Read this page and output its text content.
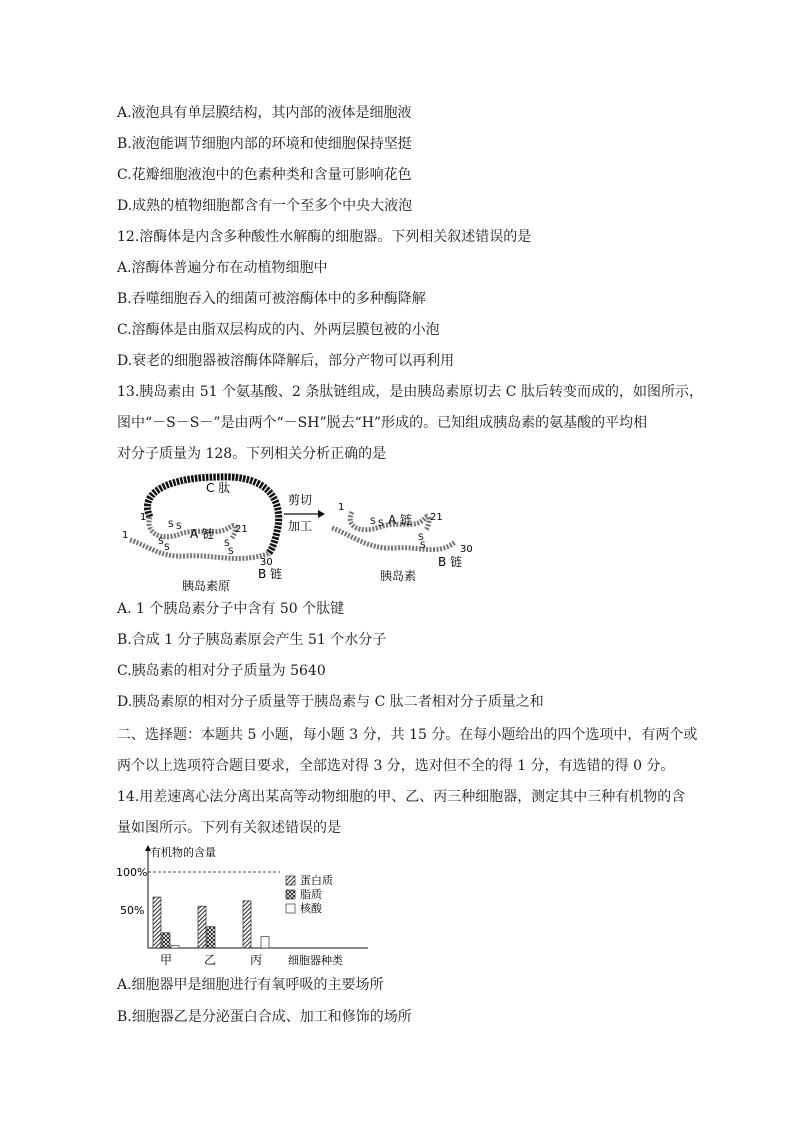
A.液泡具有单层膜结构，其内部的液体是细胞液
B.液泡能调节细胞内部的环境和使细胞保持坚挺
C.花瓣细胞液泡中的色素种类和含量可影响花色
D.成熟的植物细胞都含有一个至多个中央大液泡
12.溶酶体是内含多种酸性水解酶的细胞器。下列相关叙述错误的是
A.溶酶体普遍分布在动植物细胞中
B.吞噬细胞吞入的细菌可被溶酶体中的多种酶降解
C.溶酶体是由脂双层构成的内、外两层膜包被的小泡
D.衰老的细胞器被溶酶体降解后，部分产物可以再利用
13.胰岛素由 51 个氨基酸、2 条肽链组成，是由胰岛素原切去 C 肽后转变而成的，如图所示，
图中“－S－S－”是由两个“－SH”脱去“H”形成的。已知组成胰岛素的氨基酸的平均相
对分子质量为 128。下列相关分析正确的是
C 肽
1
1
S S
S
S	S
S
A 链 21
30
B 链
胰岛素原
剪切
加工
1
S S A 链 21
S
S	30
B 链
胰岛素
A. 1 个胰岛素分子中含有 50 个肽键
B.合成 1 分子胰岛素原会产生 51 个水分子
C.胰岛素的相对分子质量为 5640
D.胰岛素原的相对分子质量等于胰岛素与 C 肽二者相对分子质量之和
二、选择题：本题共 5 小题，每小题 3 分，共 15 分。在每小题给出的四个选项中，有两个或
两个以上选项符合题目要求，全部选对得 3 分，选对但不全的得 1 分，有选错的得 0 分。
14.用差速离心法分离出某高等动物细胞的甲、乙、丙三种细胞器，测定其中三种有机物的含
量如图所示。下列有关叙述错误的是
有机物的含量
100%
50%
甲	乙	丙 细胞器种类
蛋白质
脂质
核酸
A.细胞器甲是细胞进行有氧呼吸的主要场所
B.细胞器乙是分泌蛋白合成、加工和修饰的场所
